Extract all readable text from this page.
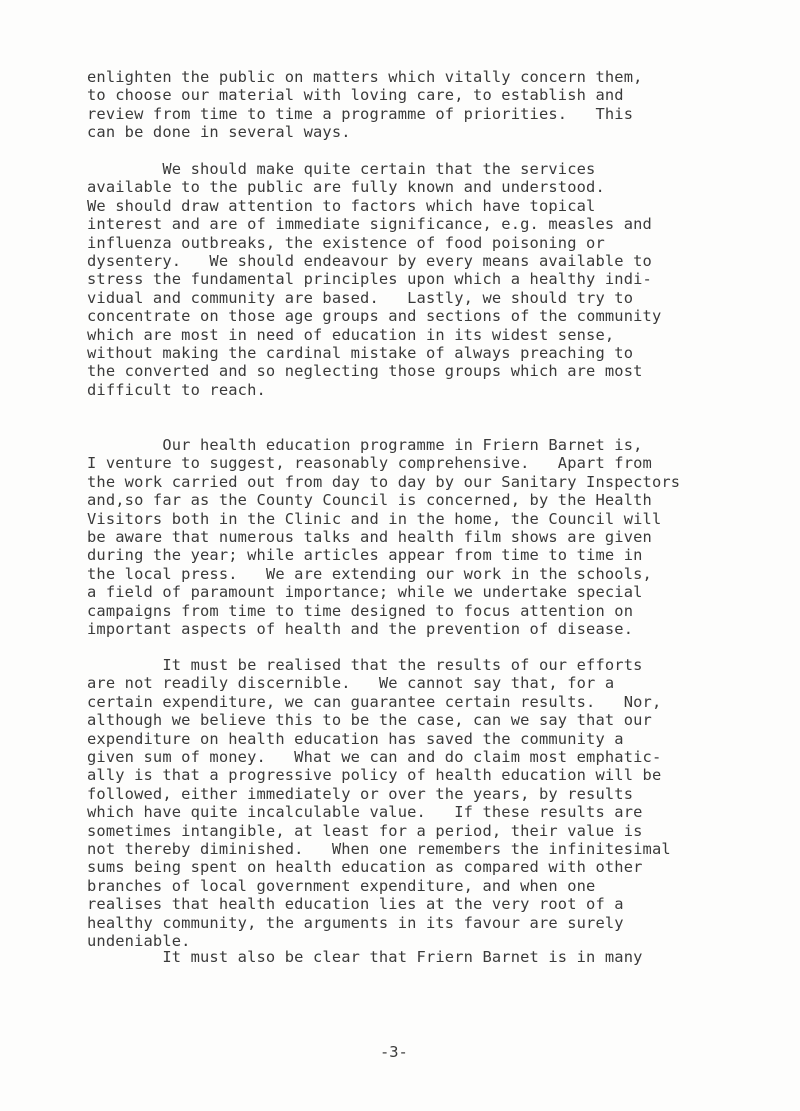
enlighten the public on matters which vitally concern them,
to choose our material with loving care, to establish and
review from time to time a programme of priorities.   This
can be done in several ways.

We should make quite certain that the services
available to the public are fully known and understood.
We should draw attention to factors which have topical
interest and are of immediate significance, e.g. measles and
influenza outbreaks, the existence of food poisoning or
dysentery.   We should endeavour by every means available to
stress the fundamental principles upon which a healthy indi-
vidual and community are based.   Lastly, we should try to
concentrate on those age groups and sections of the community
which are most in need of education in its widest sense,
without making the cardinal mistake of always preaching to
the converted and so neglecting those groups which are most
difficult to reach.

Our health education programme in Friern Barnet is,
I venture to suggest, reasonably comprehensive.   Apart from
the work carried out from day to day by our Sanitary Inspectors
and,so far as the County Council is concerned, by the Health
Visitors both in the Clinic and in the home, the Council will
be aware that numerous talks and health film shows are given
during the year; while articles appear from time to time in
the local press.   We are extending our work in the schools,
a field of paramount importance; while we undertake special
campaigns from time to time designed to focus attention on
important aspects of health and the prevention of disease.

It must be realised that the results of our efforts
are not readily discernible.   We cannot say that, for a
certain expenditure, we can guarantee certain results.   Nor,
although we believe this to be the case, can we say that our
expenditure on health education has saved the community a
given sum of money.   What we can and do claim most emphatic-
ally is that a progressive policy of health education will be
followed, either immediately or over the years, by results
which have quite incalculable value.   If these results are
sometimes intangible, at least for a period, their value is
not thereby diminished.   When one remembers the infinitesimal
sums being spent on health education as compared with other
branches of local government expenditure, and when one
realises that health education lies at the very root of a
healthy community, the arguments in its favour are surely
undeniable.

It must also be clear that Friern Barnet is in many

-3-
